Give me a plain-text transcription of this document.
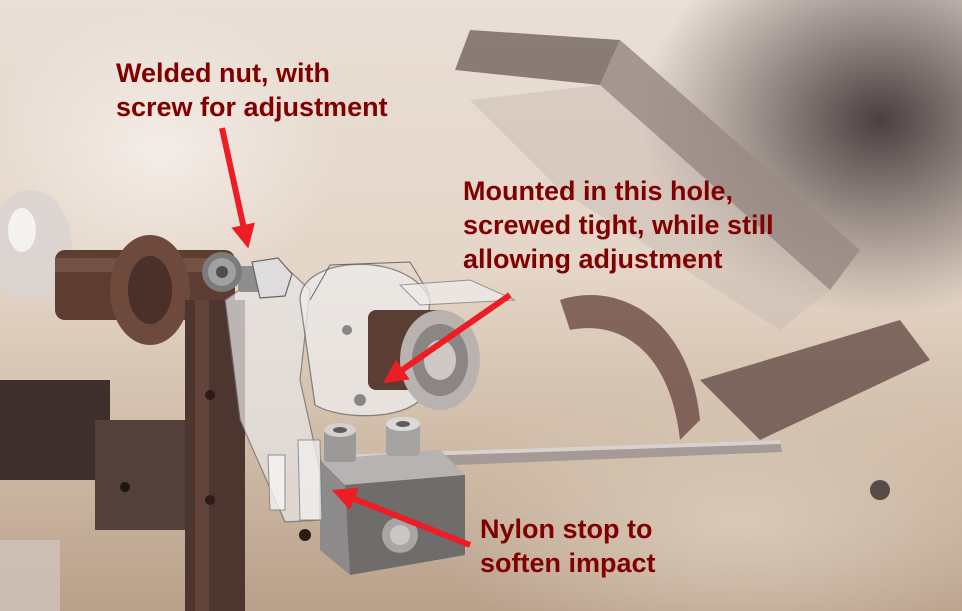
Welded nut, with
screw for adjustment

Mounted in this hole,
screwed tight, while still
allowing adjustment

Nylon stop to
soften impact
